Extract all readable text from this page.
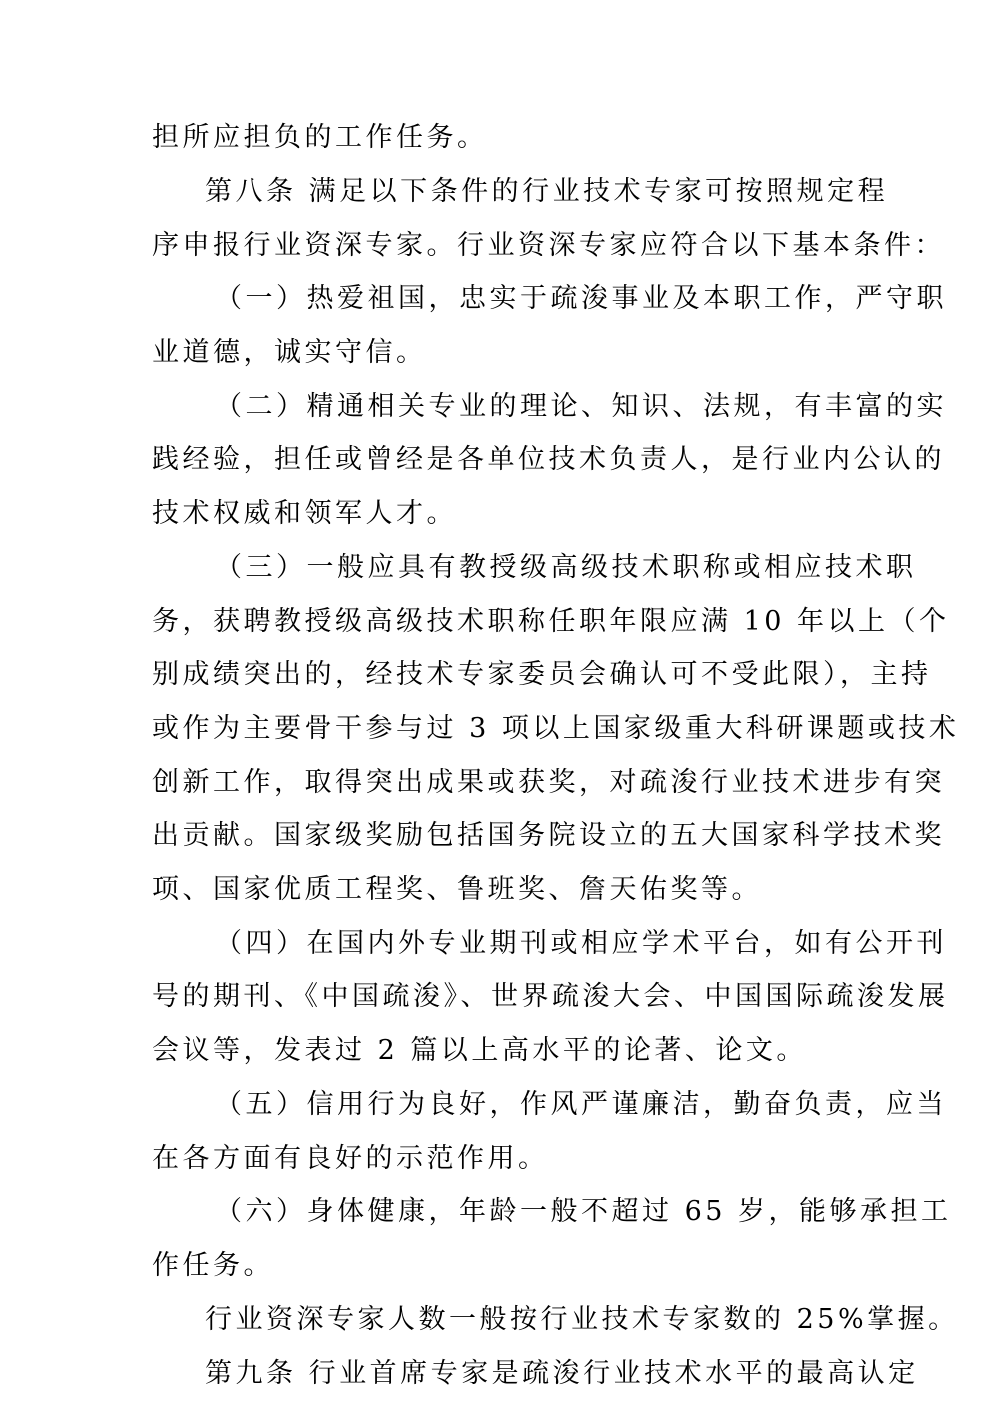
担所应担负的工作任务。

第八条 满足以下条件的行业技术专家可按照规定程

序申报行业资深专家。行业资深专家应符合以下基本条件：

（一）热爱祖国，忠实于疏浚事业及本职工作，严守职

业道德，诚实守信。

（二）精通相关专业的理论、知识、法规，有丰富的实

践经验，担任或曾经是各单位技术负责人，是行业内公认的

技术权威和领军人才。

（三）一般应具有教授级高级技术职称或相应技术职

务，获聘教授级高级技术职称任职年限应满 10 年以上（个

别成绩突出的，经技术专家委员会确认可不受此限），主持

或作为主要骨干参与过 3 项以上国家级重大科研课题或技术

创新工作，取得突出成果或获奖，对疏浚行业技术进步有突

出贡献。国家级奖励包括国务院设立的五大国家科学技术奖

项、国家优质工程奖、鲁班奖、詹天佑奖等。

（四）在国内外专业期刊或相应学术平台，如有公开刊

号的期刊、《中国疏浚》、世界疏浚大会、中国国际疏浚发展

会议等，发表过 2 篇以上高水平的论著、论文。

（五）信用行为良好，作风严谨廉洁，勤奋负责，应当

在各方面有良好的示范作用。

（六）身体健康，年龄一般不超过 65 岁，能够承担工

作任务。

行业资深专家人数一般按行业技术专家数的 25%掌握。

第九条 行业首席专家是疏浚行业技术水平的最高认定
